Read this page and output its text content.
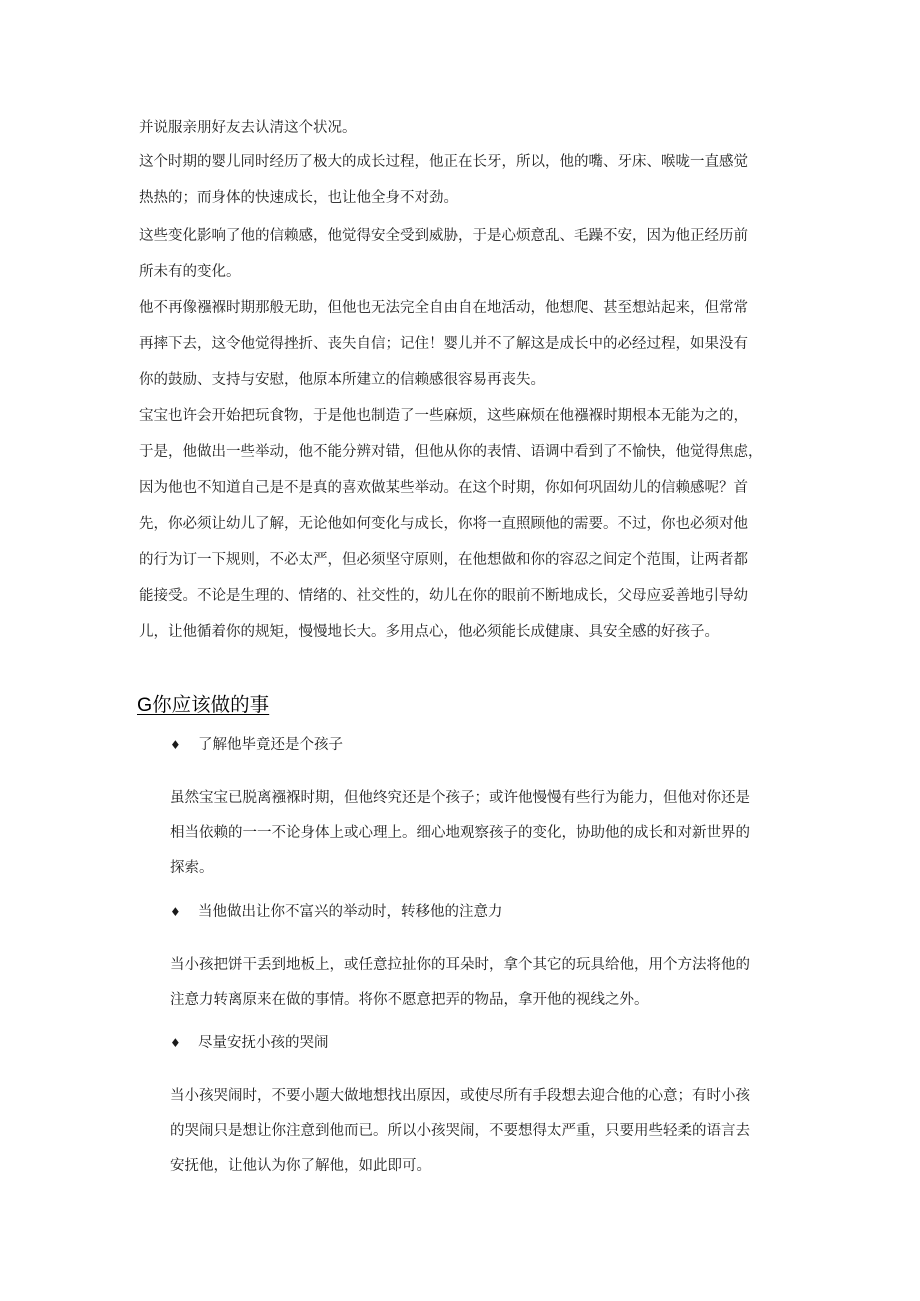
并说服亲朋好友去认清这个状况。
这个时期的婴儿同时经历了极大的成长过程，他正在长牙，所以，他的嘴、牙床、喉咙一直感觉
热热的；而身体的快速成长，也让他全身不对劲。
这些变化影响了他的信赖感，他觉得安全受到威胁，于是心烦意乱、毛躁不安，因为他正经历前
所未有的变化。
他不再像襁褓时期那般无助，但他也无法完全自由自在地活动，他想爬、甚至想站起来，但常常
再摔下去，这令他觉得挫折、丧失自信；记住！婴儿并不了解这是成长中的必经过程，如果没有
你的鼓励、支持与安慰，他原本所建立的信赖感很容易再丧失。
宝宝也许会开始把玩食物，于是他也制造了一些麻烦，这些麻烦在他襁褓时期根本无能为之的，
于是，他做出一些举动，他不能分辨对错，但他从你的表情、语调中看到了不愉快，他觉得焦虑，
因为他也不知道自己是不是真的喜欢做某些举动。在这个时期，你如何巩固幼儿的信赖感呢？首
先，你必须让幼儿了解，无论他如何变化与成长，你将一直照顾他的需要。不过，你也必须对他
的行为订一下规则，不必太严，但必须坚守原则，在他想做和你的容忍之间定个范围，让两者都
能接受。不论是生理的、情绪的、社交性的，幼儿在你的眼前不断地成长，父母应妥善地引导幼
儿，让他循着你的规矩，慢慢地长大。多用点心，他必须能长成健康、具安全感的好孩子。
G你应该做的事
♦ 了解他毕竟还是个孩子
虽然宝宝已脱离襁褓时期，但他终究还是个孩子；或许他慢慢有些行为能力，但他对你还是
相当依赖的一一不论身体上或心理上。细心地观察孩子的变化，协助他的成长和对新世界的
探索。
♦ 当他做出让你不富兴的举动时，转移他的注意力
当小孩把饼干丢到地板上，或任意拉扯你的耳朵时，拿个其它的玩具给他，用个方法将他的
注意力转离原来在做的事情。将你不愿意把弄的物品，拿开他的视线之外。
♦ 尽量安抚小孩的哭闹
当小孩哭闹时，不要小题大做地想找出原因，或使尽所有手段想去迎合他的心意；有时小孩
的哭闹只是想让你注意到他而已。所以小孩哭闹，不要想得太严重，只要用些轻柔的语言去
安抚他，让他认为你了解他，如此即可。
